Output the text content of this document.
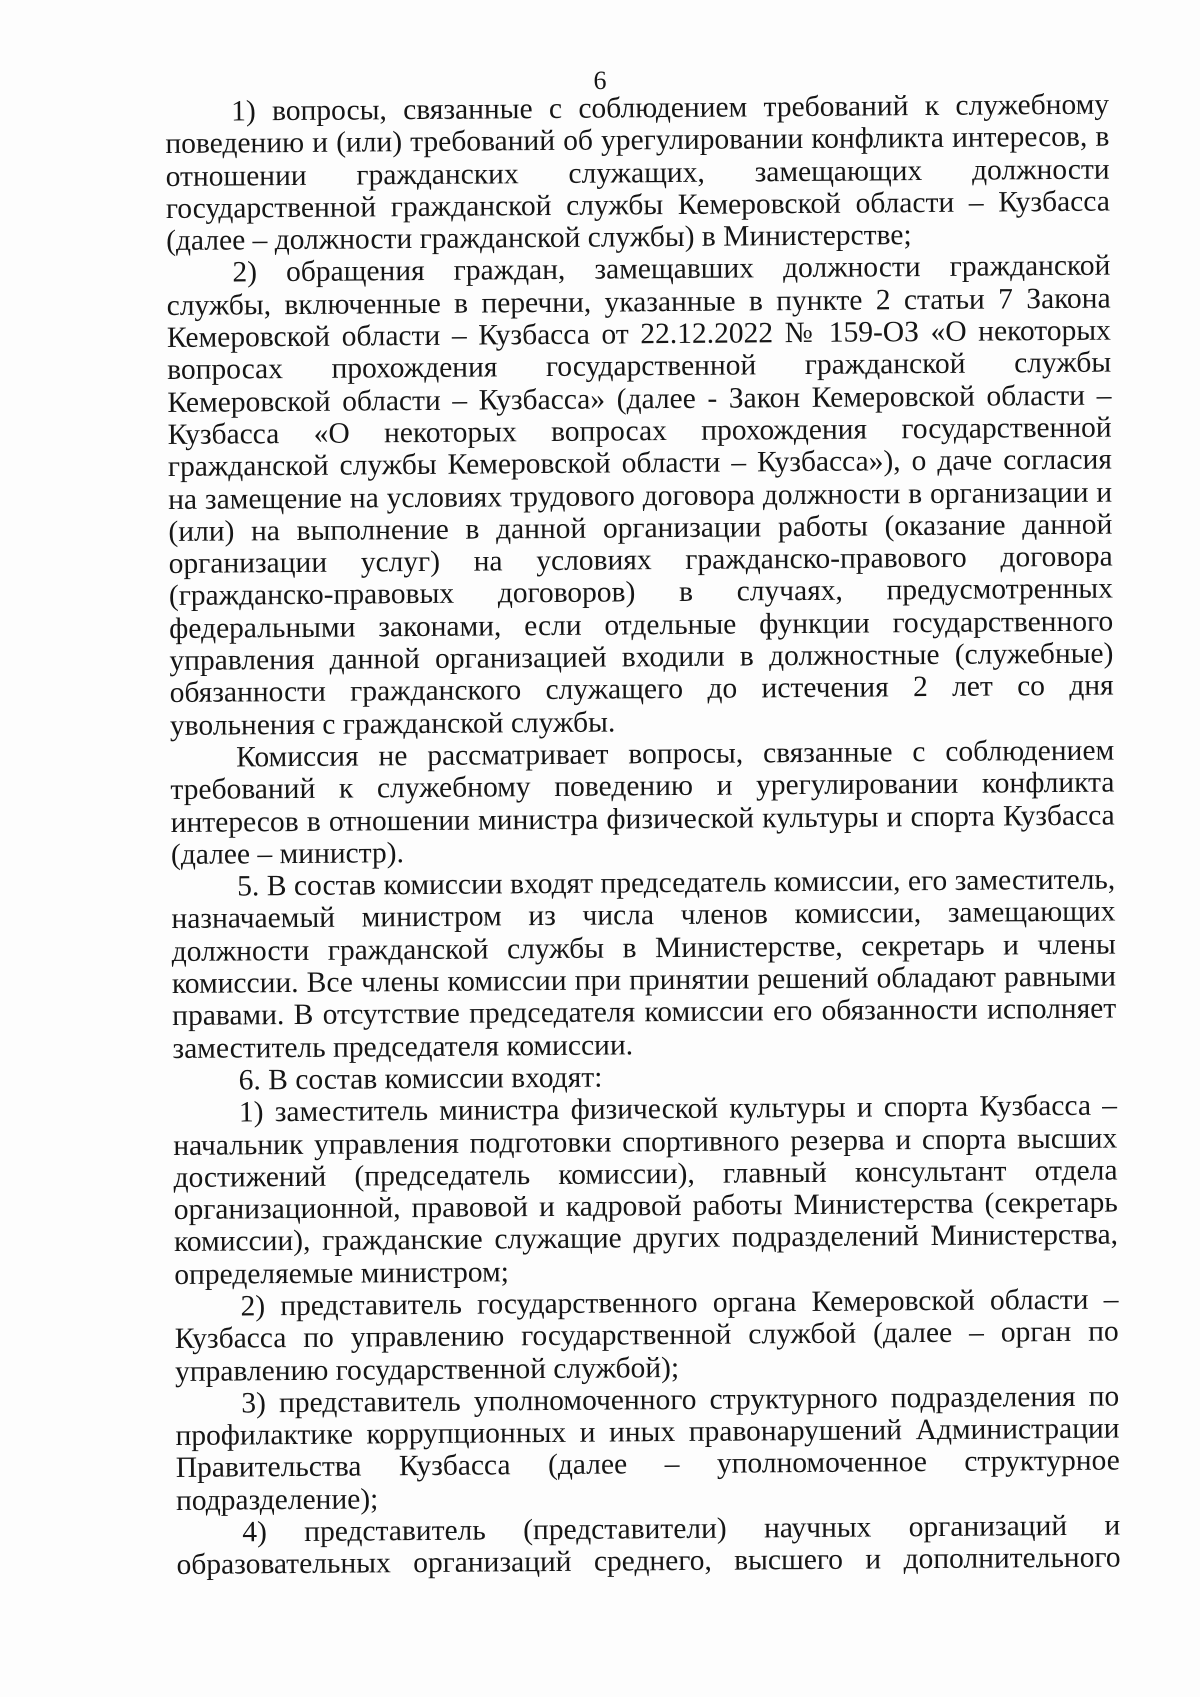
6

1) вопросы, связанные с соблюдением требований к служебному поведению и (или) требований об урегулировании конфликта интересов, в отношении гражданских служащих, замещающих должности государственной гражданской службы Кемеровской области – Кузбасса (далее – должности гражданской службы) в Министерстве;

2) обращения граждан, замещавших должности гражданской службы, включенные в перечни, указанные в пункте 2 статьи 7 Закона Кемеровской области – Кузбасса от 22.12.2022 № 159-ОЗ «О некоторых вопросах прохождения государственной гражданской службы Кемеровской области – Кузбасса» (далее - Закон Кемеровской области – Кузбасса «О некоторых вопросах прохождения государственной гражданской службы Кемеровской области – Кузбасса»), о даче согласия на замещение на условиях трудового договора должности в организации и (или) на выполнение в данной организации работы (оказание данной организации услуг) на условиях гражданско-правового договора (гражданско-правовых договоров) в случаях, предусмотренных федеральными законами, если отдельные функции государственного управления данной организацией входили в должностные (служебные) обязанности гражданского служащего до истечения 2 лет со дня увольнения с гражданской службы.

Комиссия не рассматривает вопросы, связанные с соблюдением требований к служебному поведению и урегулировании конфликта интересов в отношении министра физической культуры и спорта Кузбасса (далее – министр).

5. В состав комиссии входят председатель комиссии, его заместитель, назначаемый министром из числа членов комиссии, замещающих должности гражданской службы в Министерстве, секретарь и члены комиссии. Все члены комиссии при принятии решений обладают равными правами. В отсутствие председателя комиссии его обязанности исполняет заместитель председателя комиссии.

6. В состав комиссии входят:

1) заместитель министра физической культуры и спорта Кузбасса – начальник управления подготовки спортивного резерва и спорта высших достижений (председатель комиссии), главный консультант отдела организационной, правовой и кадровой работы Министерства (секретарь комиссии), гражданские служащие других подразделений Министерства, определяемые министром;

2) представитель государственного органа Кемеровской области – Кузбасса по управлению государственной службой (далее – орган по управлению государственной службой);

3) представитель уполномоченного структурного подразделения по профилактике коррупционных и иных правонарушений Администрации Правительства Кузбасса (далее – уполномоченное структурное подразделение);

4) представитель (представители) научных организаций и образовательных организаций среднего, высшего и дополнительного
